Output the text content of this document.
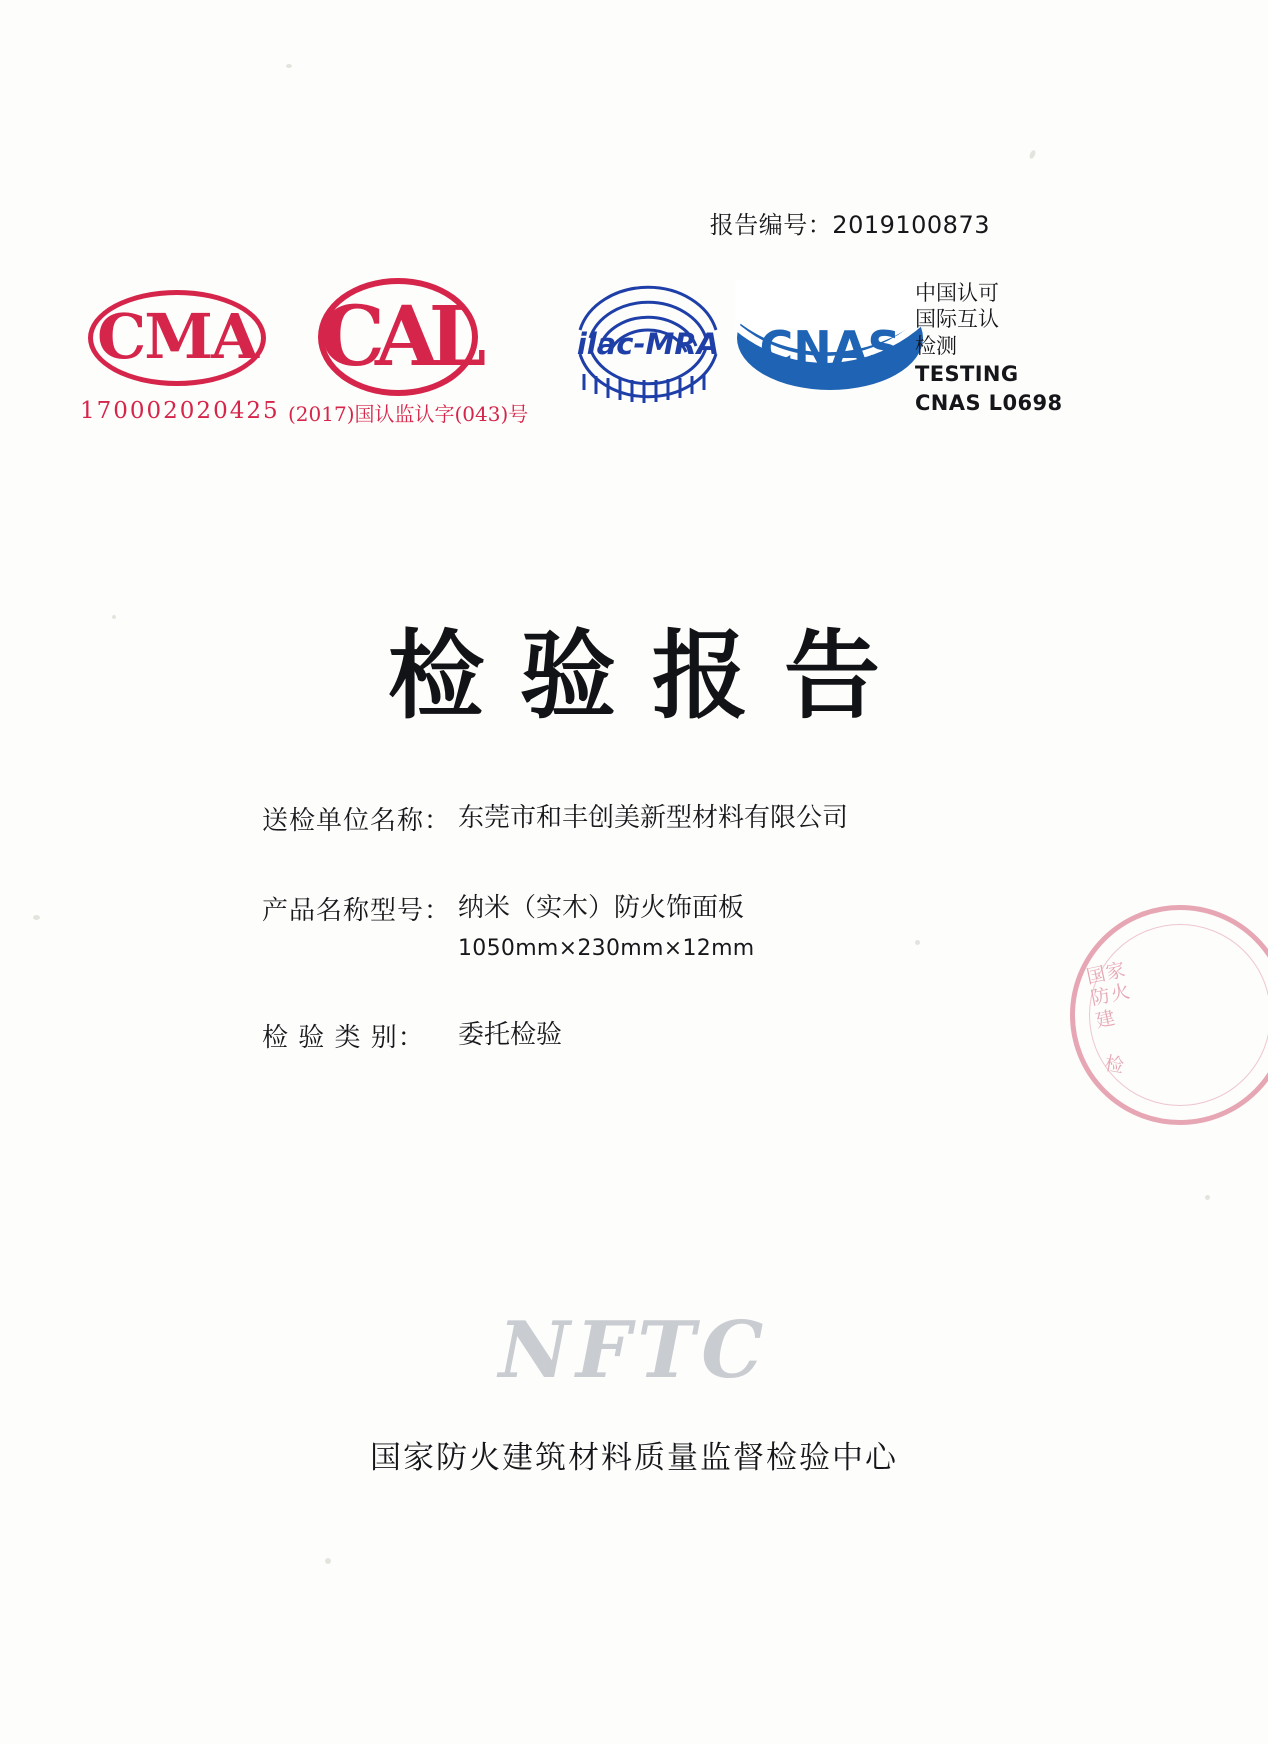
报告编号：2019100873
CMA
170002020425
CAL
(2017)国认监认字(043)号
ilac-MRA CNAS
中国认可
国际互认
检测
TESTING
CNAS L0698
检验报告
送检单位名称： 东莞市和丰创美新型材料有限公司
产品名称型号： 纳米（实木）防火饰面板
1050mm×230mm×12mm
检 验 类 别：	委托检验
国家防火建
检
NFTC
国家防火建筑材料质量监督检验中心
